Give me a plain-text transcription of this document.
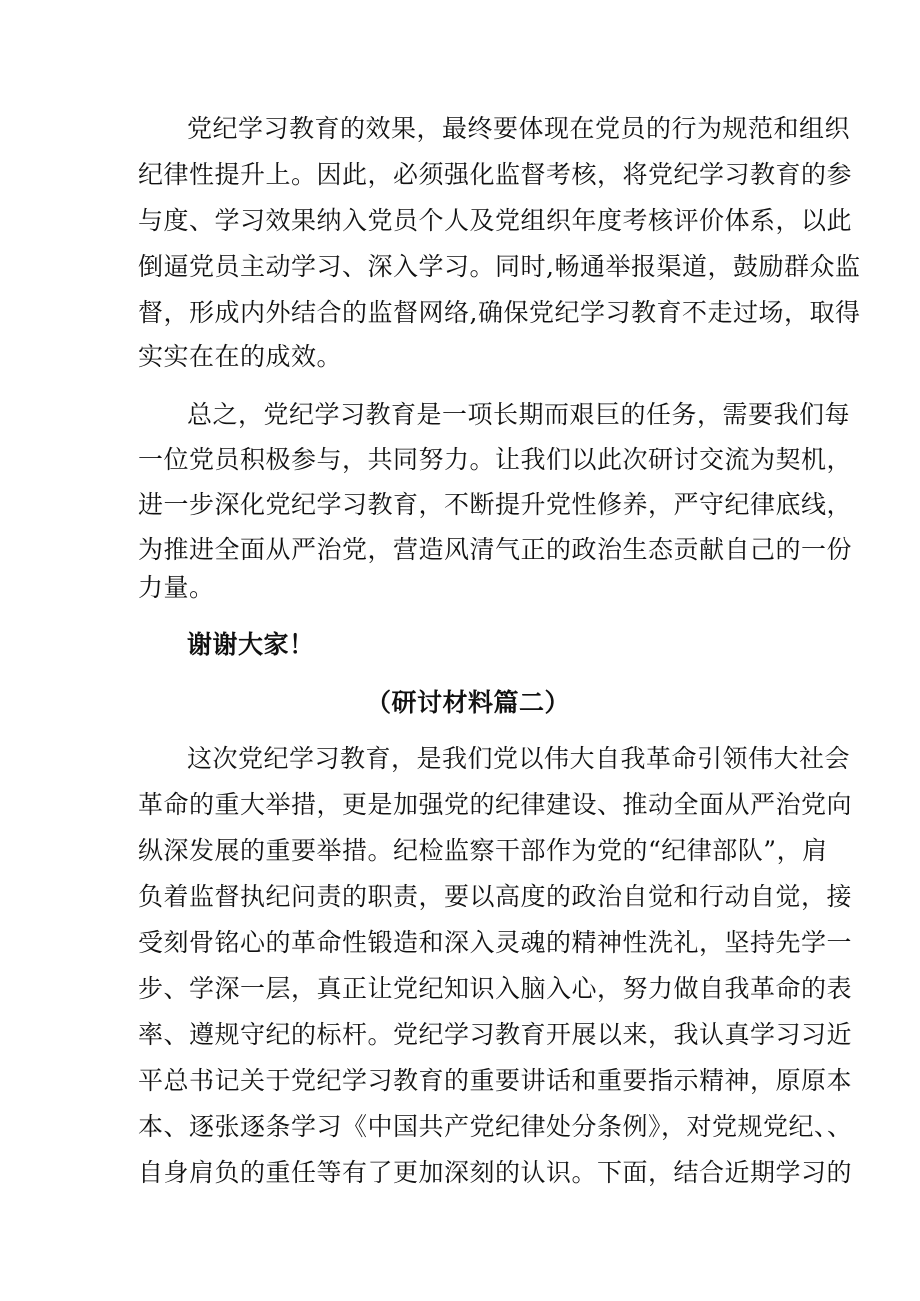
党纪学习教育的效果，最终要体现在党员的行为规范和组织
纪律性提升上。因此，必须强化监督考核，将党纪学习教育的参
与度、学习效果纳入党员个人及党组织年度考核评价体系，以此
倒逼党员主动学习、深入学习。同时,畅通举报渠道，鼓励群众监
督，形成内外结合的监督网络,确保党纪学习教育不走过场，取得
实实在在的成效。
总之，党纪学习教育是一项长期而艰巨的任务，需要我们每
一位党员积极参与，共同努力。让我们以此次研讨交流为契机，
进一步深化党纪学习教育，不断提升党性修养，严守纪律底线，
为推进全面从严治党，营造风清气正的政治生态贡献自己的一份
力量。
谢谢大家！
（研讨材料篇二）
这次党纪学习教育，是我们党以伟大自我革命引领伟大社会
革命的重大举措，更是加强党的纪律建设、推动全面从严治党向
纵深发展的重要举措。纪检监察干部作为党的“纪律部队”，肩
负着监督执纪问责的职责，要以高度的政治自觉和行动自觉，接
受刻骨铭心的革命性锻造和深入灵魂的精神性洗礼，坚持先学一
步、学深一层，真正让党纪知识入脑入心，努力做自我革命的表
率、遵规守纪的标杆。党纪学习教育开展以来，我认真学习习近
平总书记关于党纪学习教育的重要讲话和重要指示精神，原原本
本、逐张逐条学习《中国共产党纪律处分条例》，对党规党纪、、
自身肩负的重任等有了更加深刻的认识。下面，结合近期学习的
